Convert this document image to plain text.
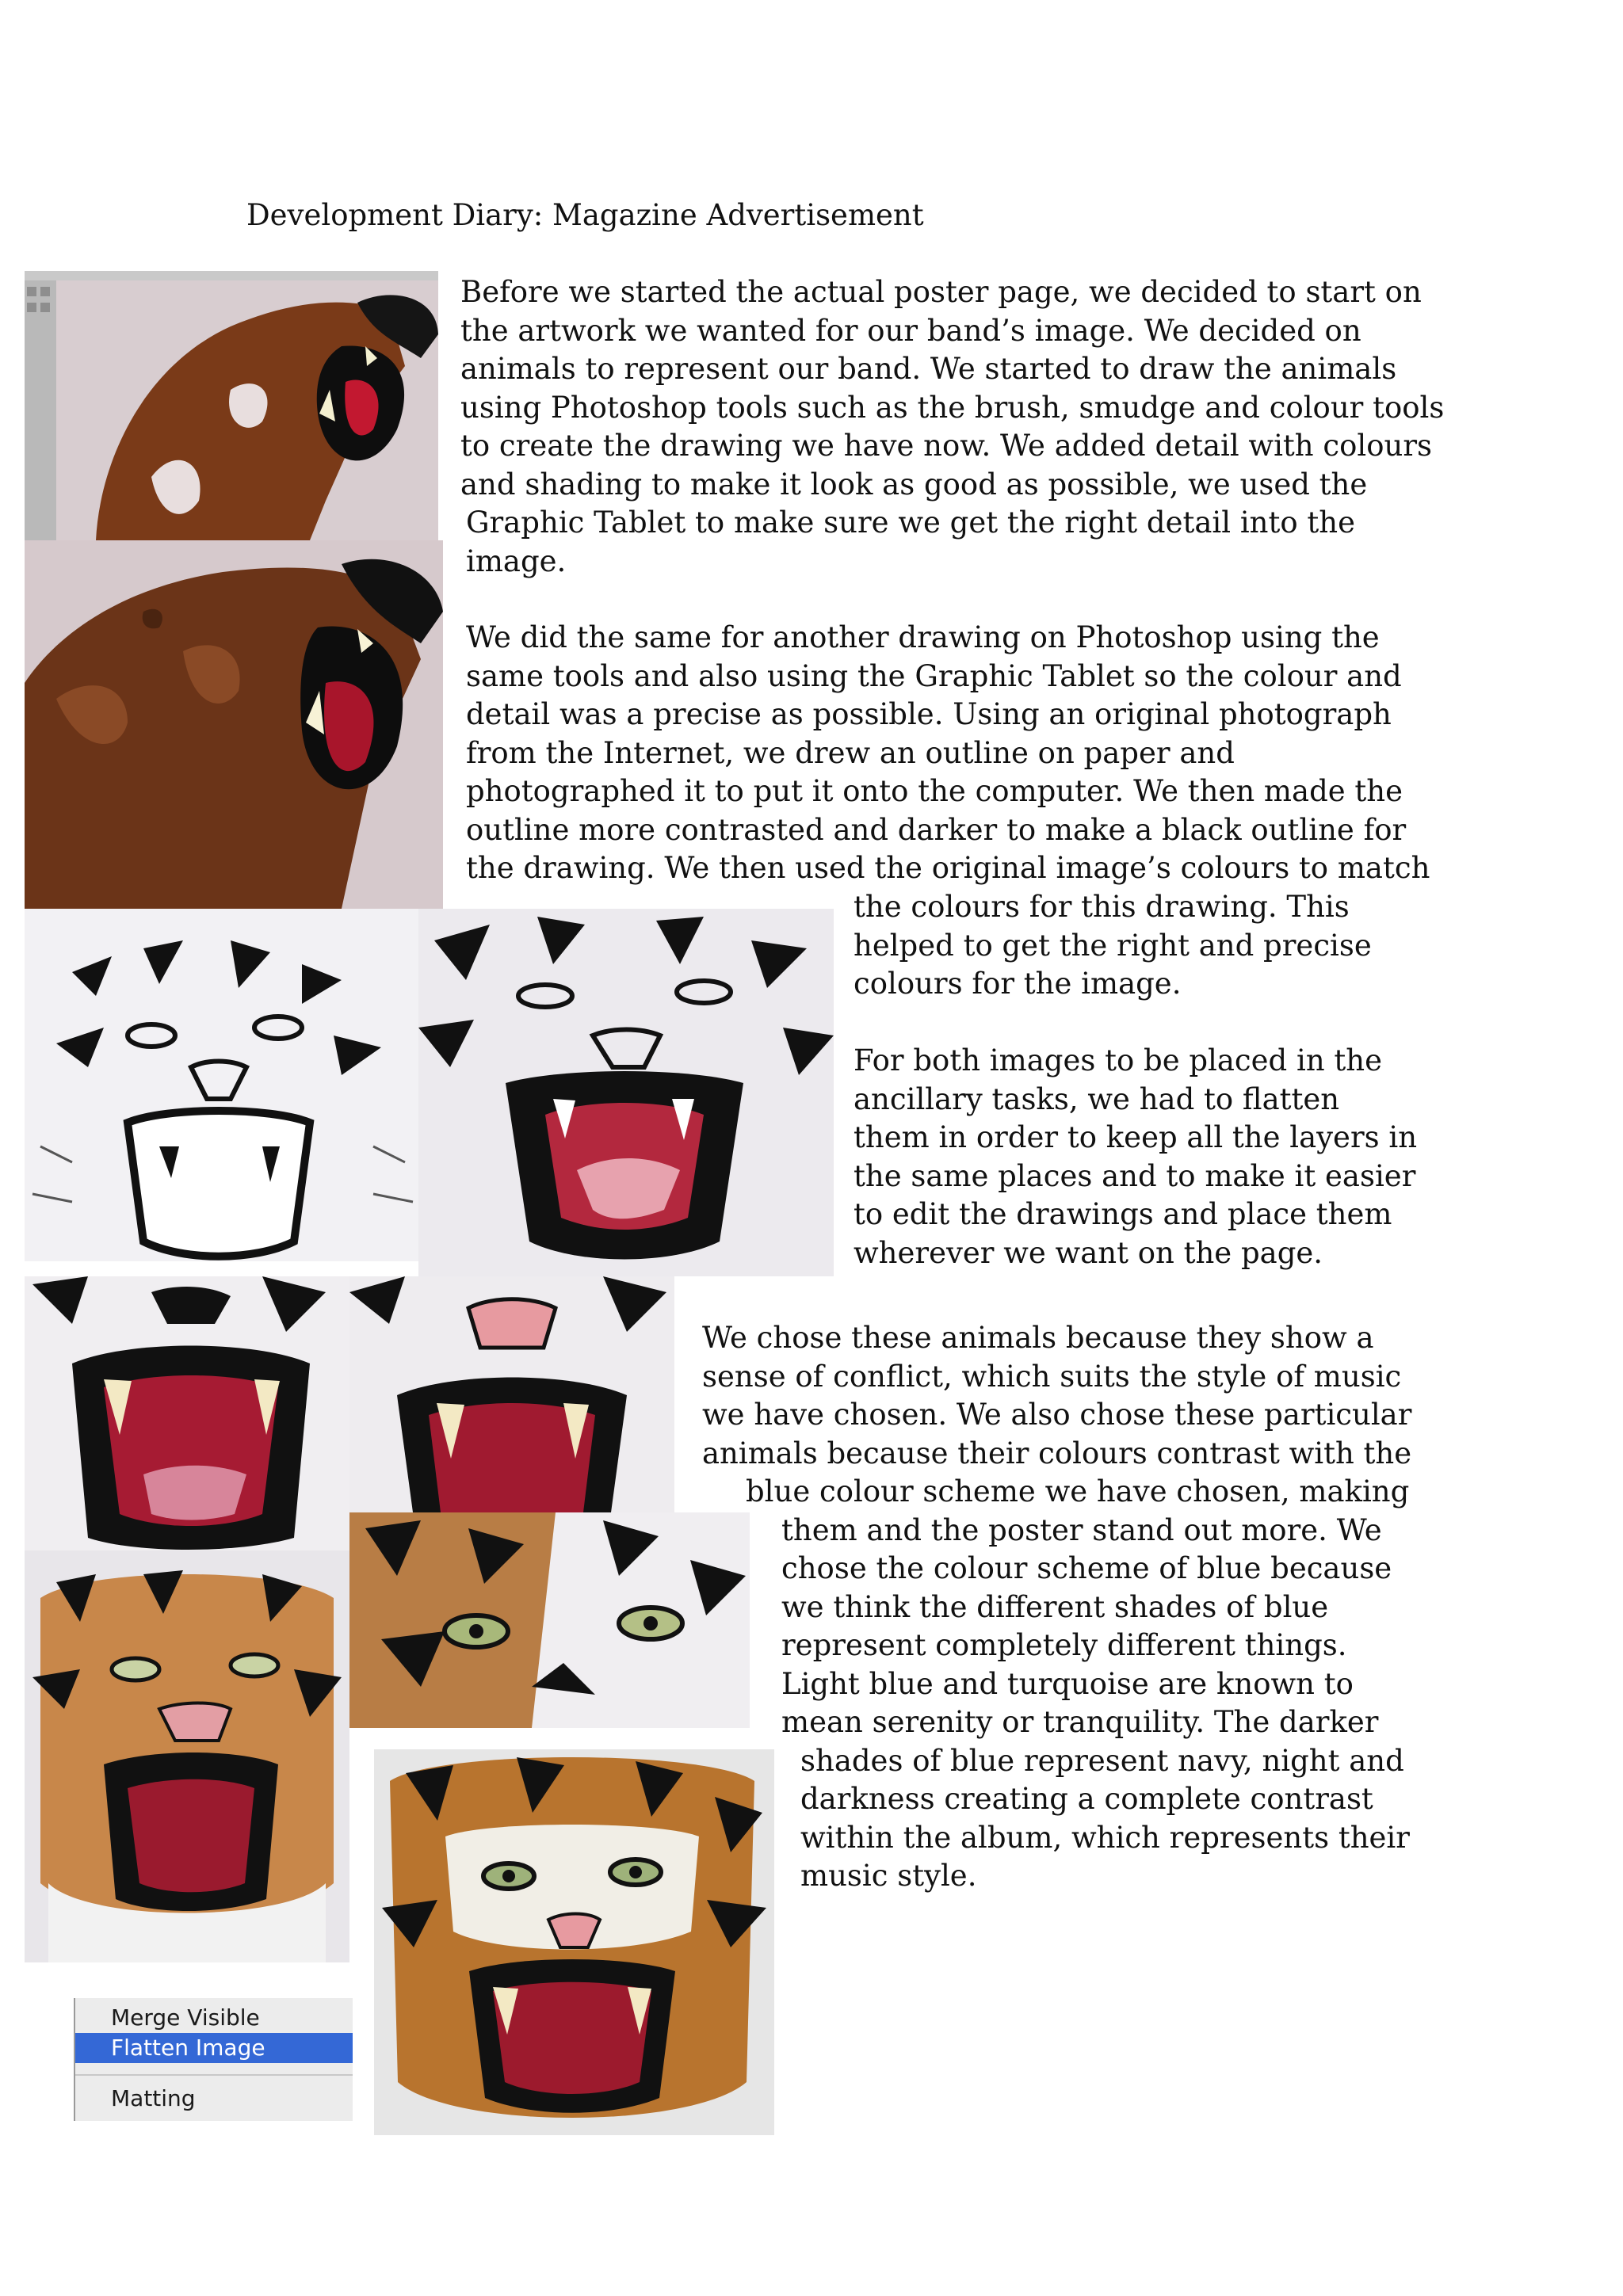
Development Diary: Magazine Advertisement
Before we started the actual poster page, we decided to start on
the artwork we wanted for our band’s image. We decided on
animals to represent our band. We started to draw the animals
using Photoshop tools such as the brush, smudge and colour tools
to create the drawing we have now. We added detail with colours
and shading to make it look as good as possible, we used the
Graphic Tablet to make sure we get the right detail into the
image.
We did the same for another drawing on Photoshop using the
same tools and also using the Graphic Tablet so the colour and
detail was a precise as possible. Using an original photograph
from the Internet, we drew an outline on paper and
photographed it to put it onto the computer. We then made the
outline more contrasted and darker to make a black outline for
the drawing. We then used the original image’s colours to match
the colours for this drawing. This
helped to get the right and precise
colours for the image.
For both images to be placed in the
ancillary tasks, we had to flatten
them in order to keep all the layers in
the same places and to make it easier
to edit the drawings and place them
wherever we want on the page.
We chose these animals because they show a
sense of conflict, which suits the style of music
we have chosen. We also chose these particular
animals because their colours contrast with the
blue colour scheme we have chosen, making
them and the poster stand out more. We
chose the colour scheme of blue because
we think the different shades of blue
represent completely different things.
Light blue and turquoise are known to
mean serenity or tranquility. The darker
shades of blue represent navy, night and
darkness creating a complete contrast
within the album, which represents their
music style.
Merge Visible
Flatten Image
Matting
